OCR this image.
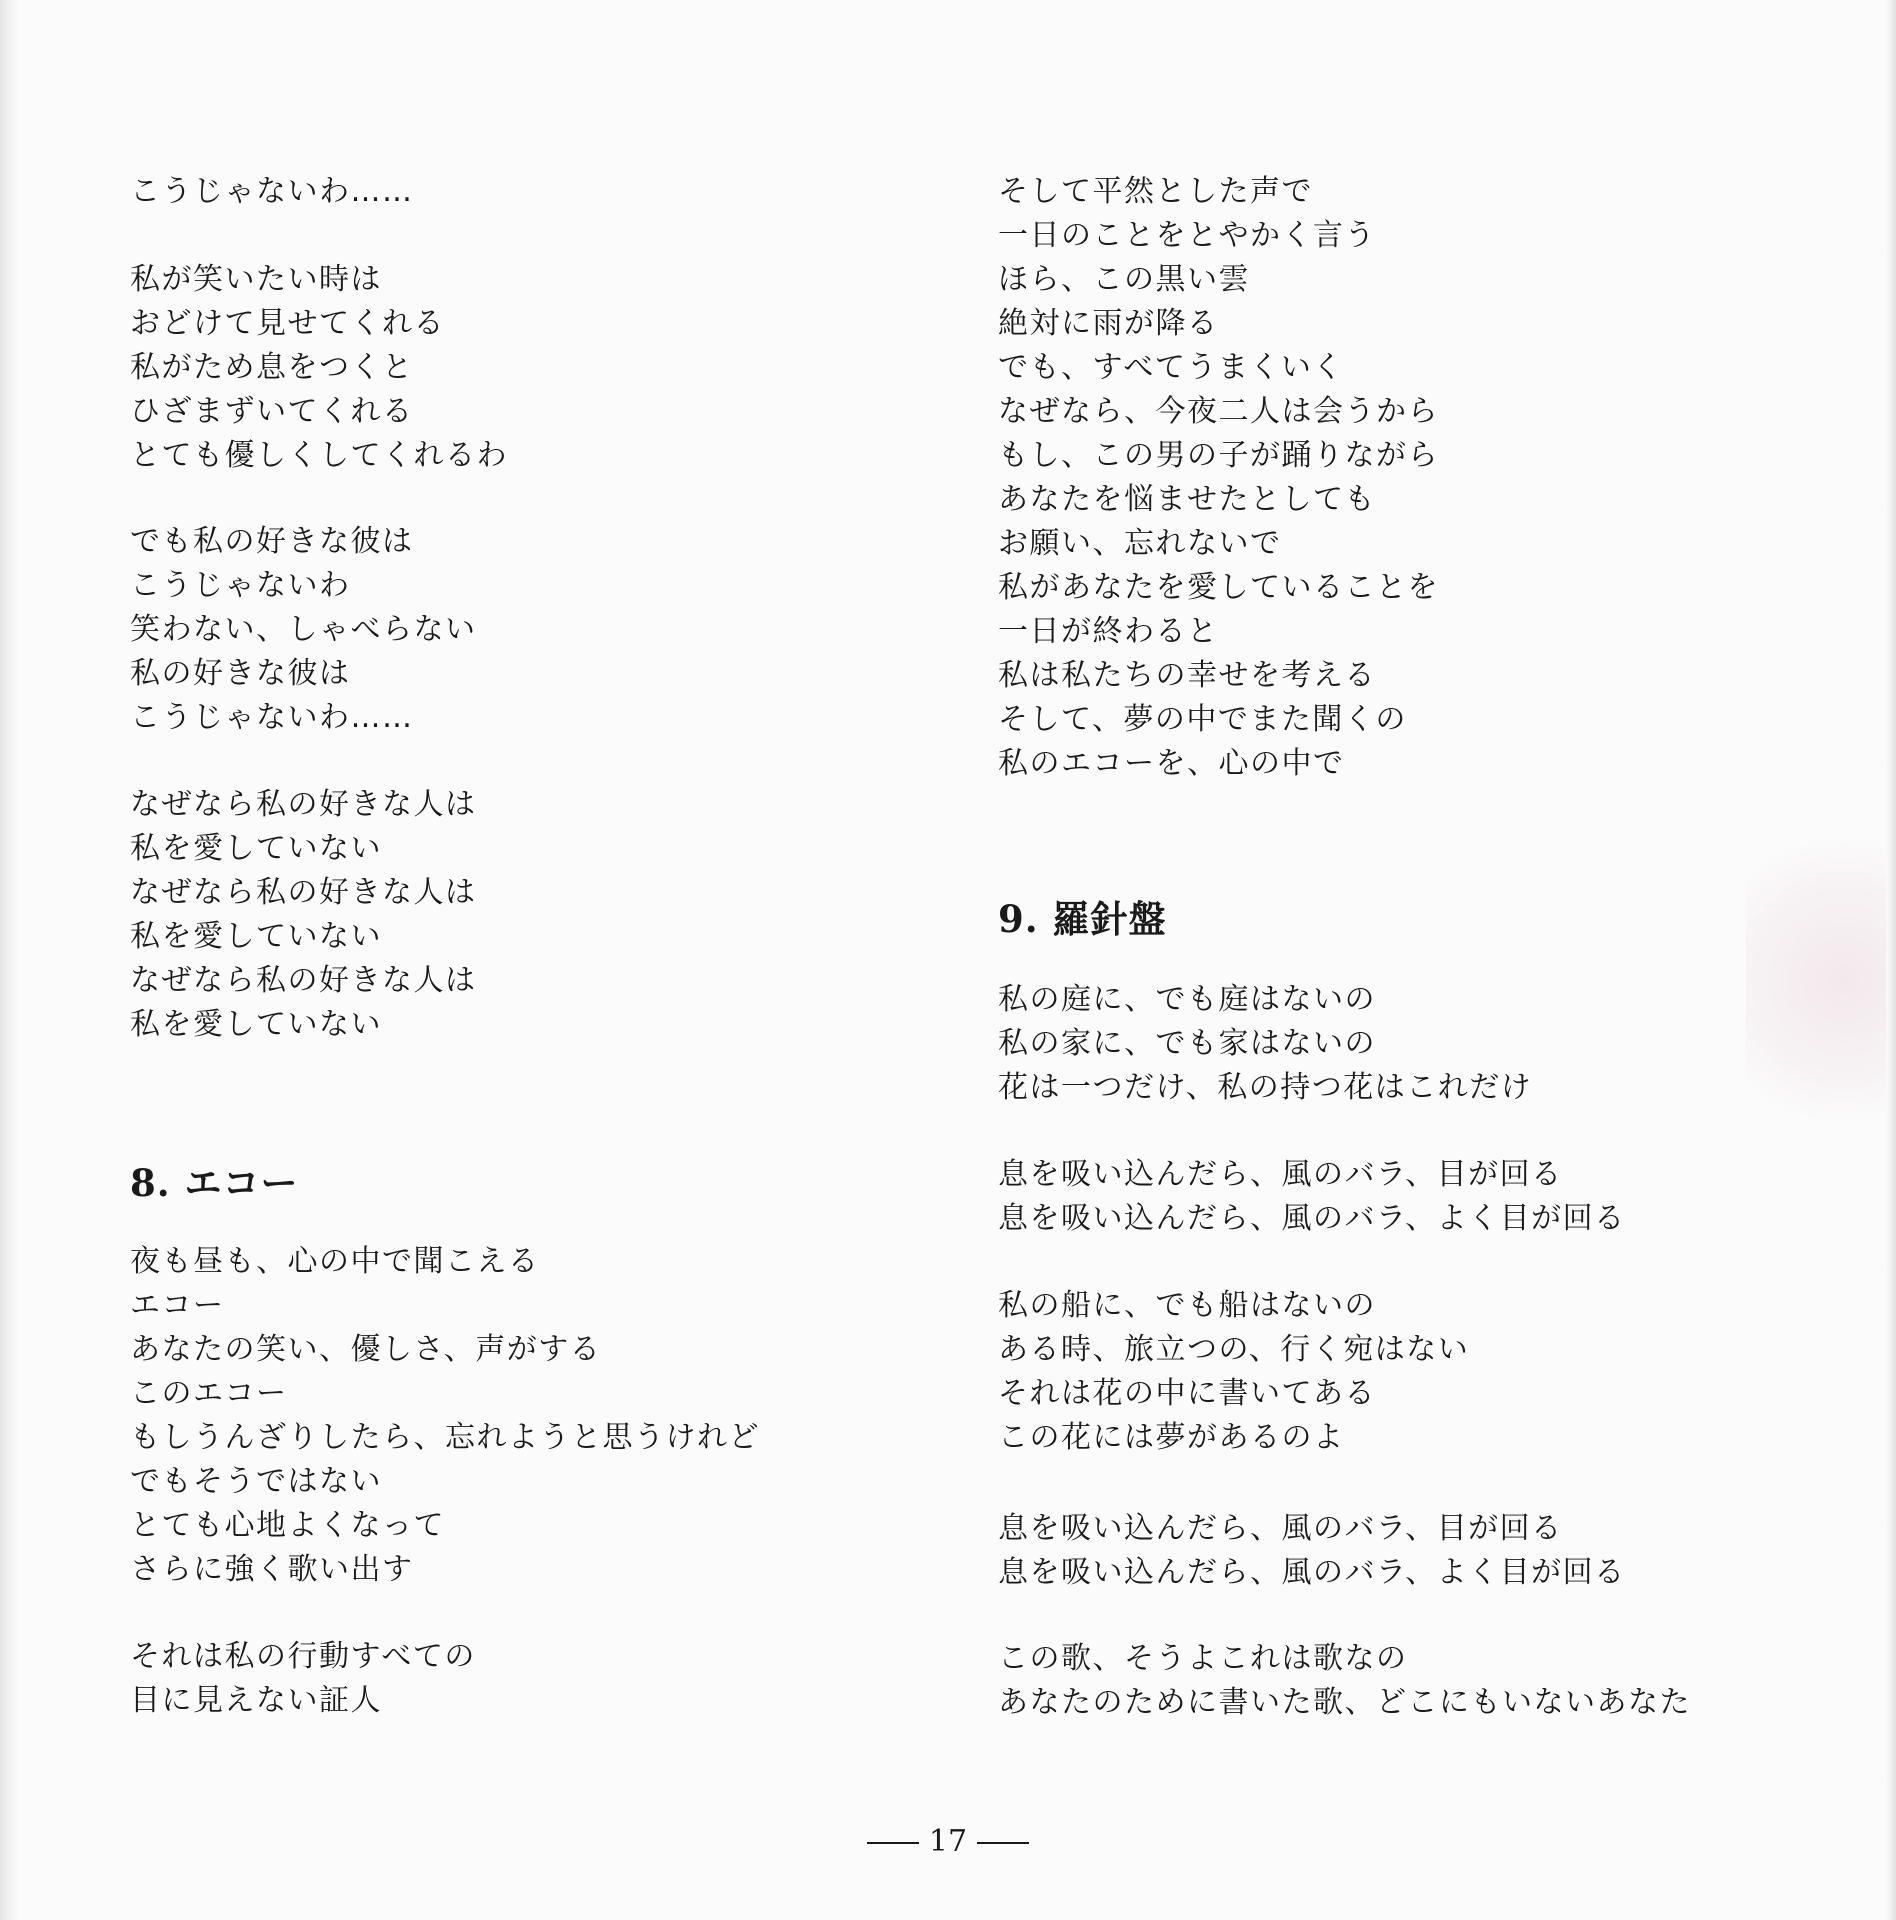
こうじゃないわ……
私が笑いたい時は
おどけて見せてくれる
私がため息をつくと
ひざまずいてくれる
とても優しくしてくれるわ
でも私の好きな彼は
こうじゃないわ
笑わない、しゃべらない
私の好きな彼は
こうじゃないわ……
なぜなら私の好きな人は
私を愛していない
なぜなら私の好きな人は
私を愛していない
なぜなら私の好きな人は
私を愛していない
8. エコー
夜も昼も、心の中で聞こえる
エコー
あなたの笑い、優しさ、声がする
このエコー
もしうんざりしたら、忘れようと思うけれど
でもそうではない
とても心地よくなって
さらに強く歌い出す
それは私の行動すべての
目に見えない証人
そして平然とした声で
一日のことをとやかく言う
ほら、この黒い雲
絶対に雨が降る
でも、すべてうまくいく
なぜなら、今夜二人は会うから
もし、この男の子が踊りながら
あなたを悩ませたとしても
お願い、忘れないで
私があなたを愛していることを
一日が終わると
私は私たちの幸せを考える
そして、夢の中でまた聞くの
私のエコーを、心の中で
9. 羅針盤
私の庭に、でも庭はないの
私の家に、でも家はないの
花は一つだけ、私の持つ花はこれだけ
息を吸い込んだら、風のバラ、目が回る
息を吸い込んだら、風のバラ、よく目が回る
私の船に、でも船はないの
ある時、旅立つの、行く宛はない
それは花の中に書いてある
この花には夢があるのよ
息を吸い込んだら、風のバラ、目が回る
息を吸い込んだら、風のバラ、よく目が回る
この歌、そうよこれは歌なの
あなたのために書いた歌、どこにもいないあなた
17
